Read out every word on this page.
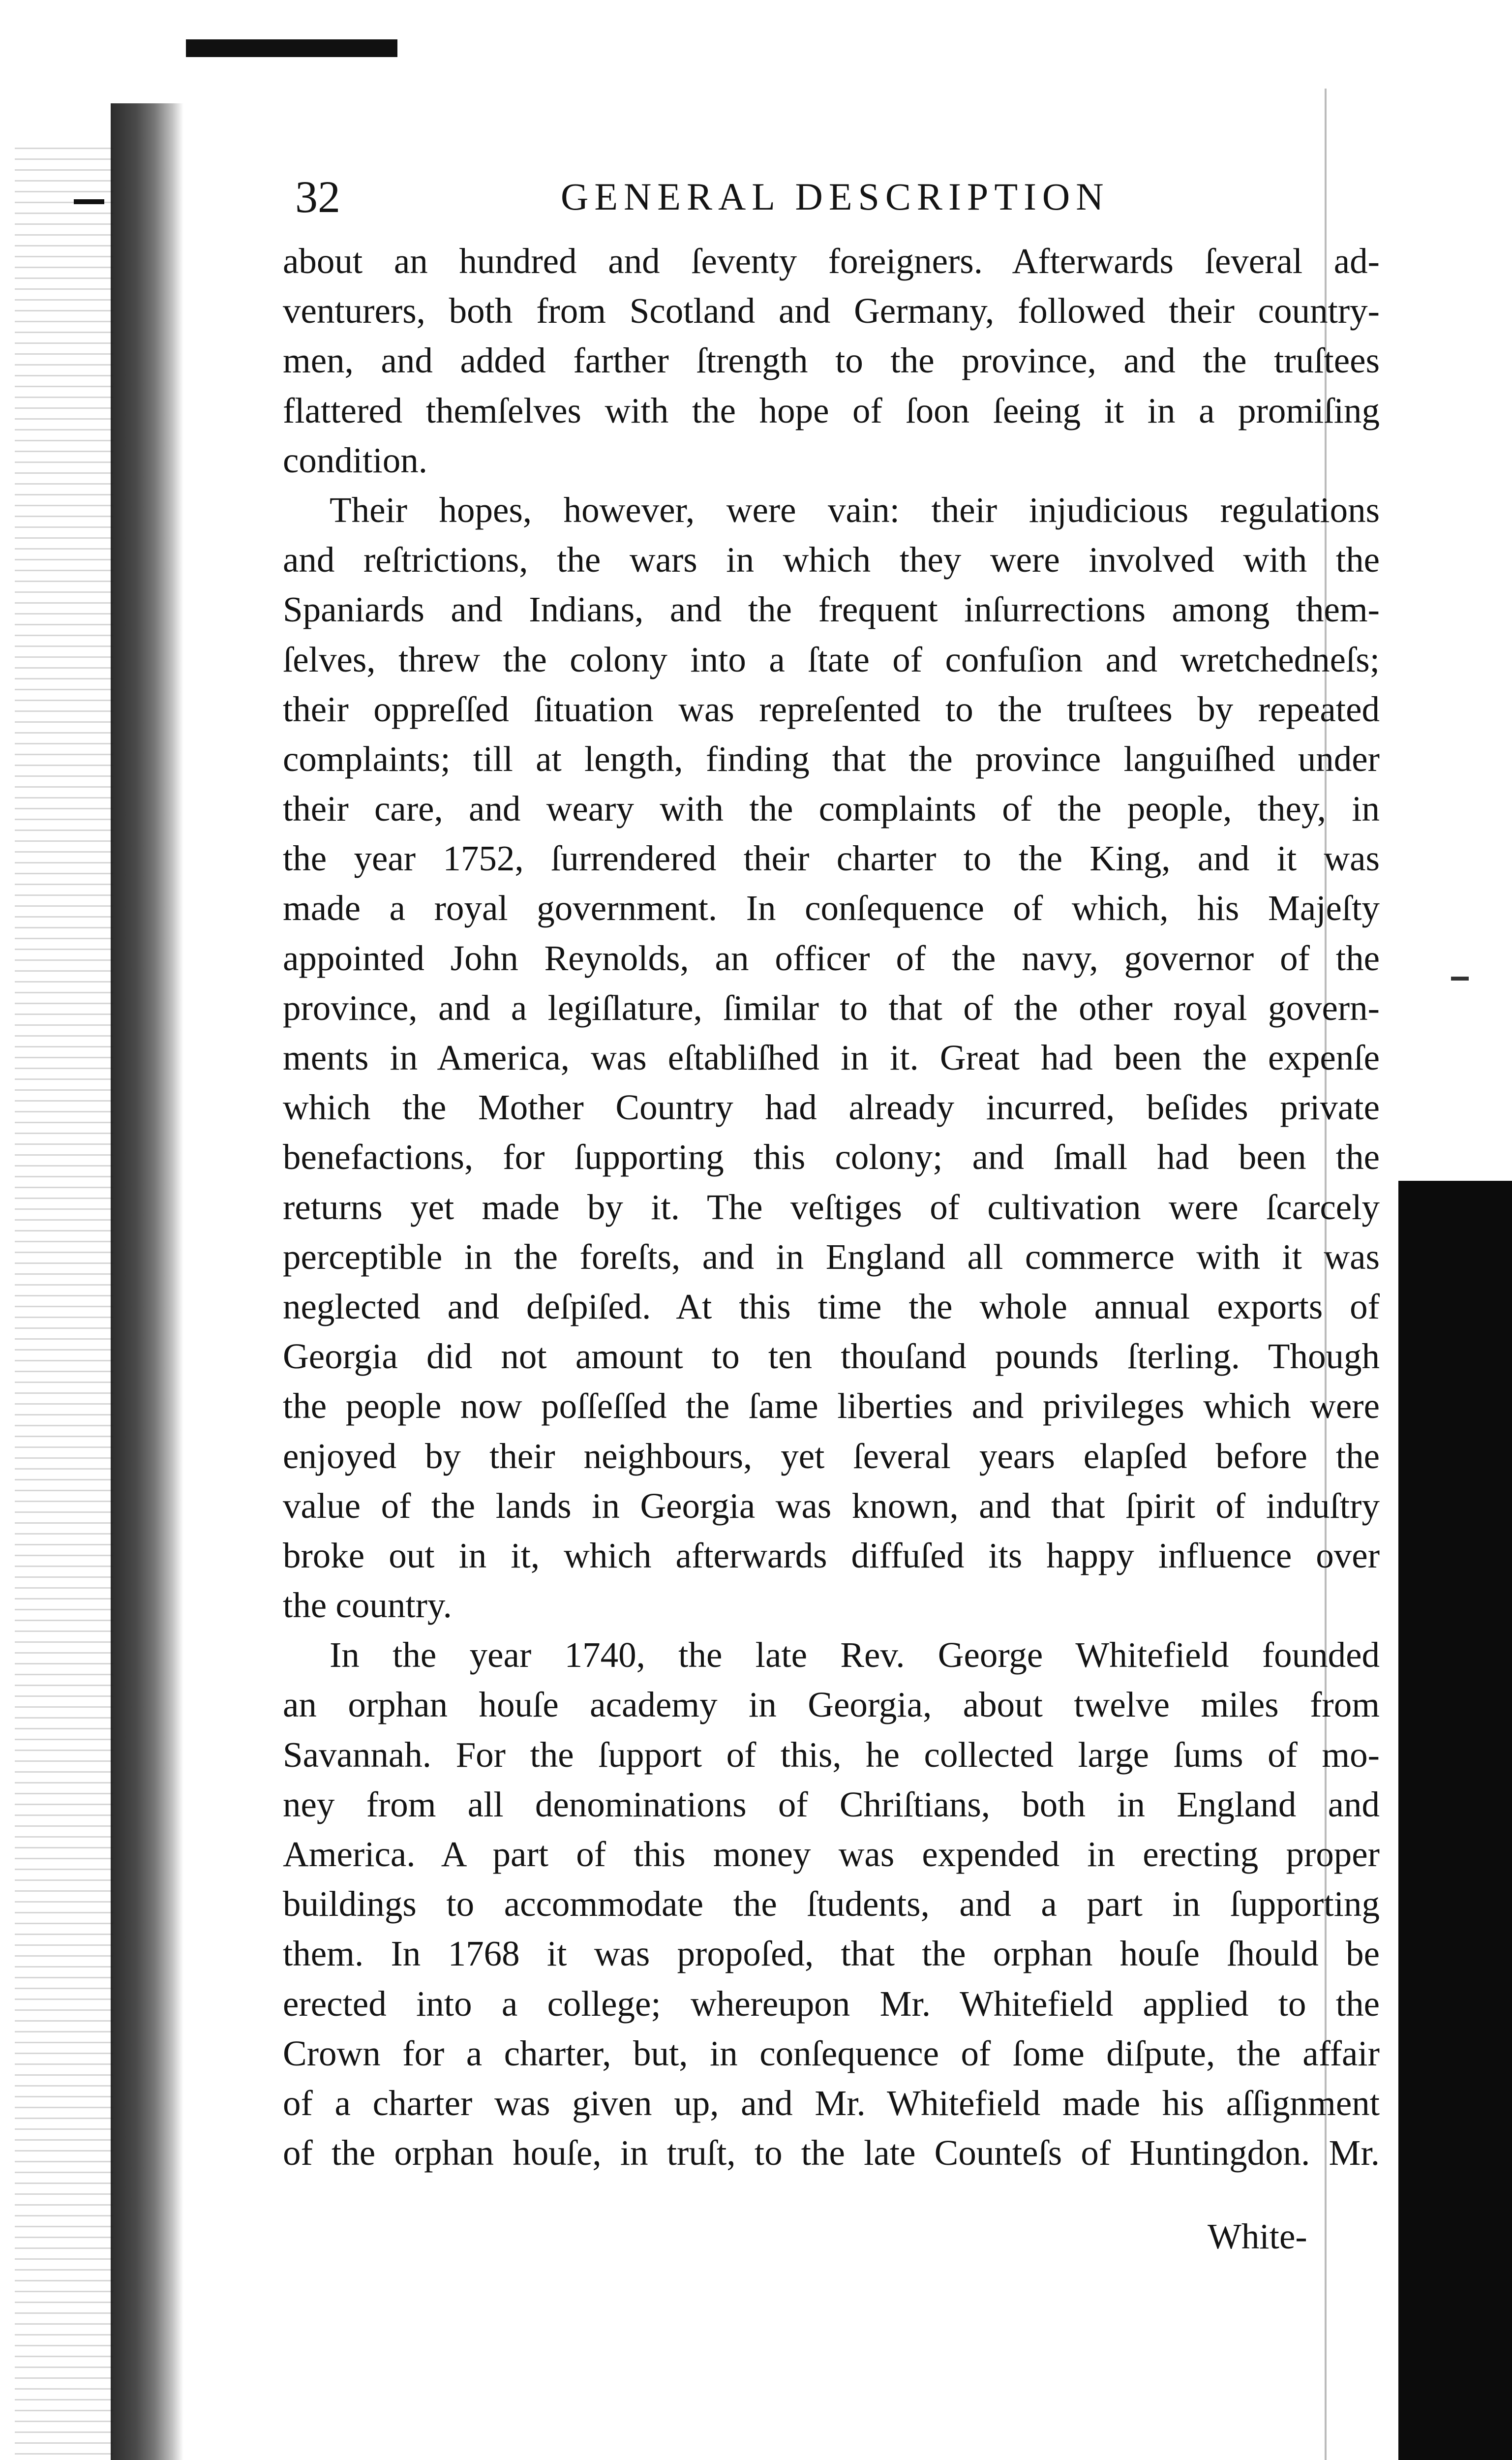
32	GENERAL DESCRIPTION
about an hundred and ſeventy foreigners. Afterwards ſeveral ad-
venturers, both from Scotland and Germany, followed their country-
men, and added farther ſtrength to the province, and the truſtees
flattered themſelves with the hope of ſoon ſeeing it in a promiſing
condition.
Their hopes, however, were vain: their injudicious regulations
and reſtrictions, the wars in which they were involved with the
Spaniards and Indians, and the frequent inſurrections among them-
ſelves, threw the colony into a ſtate of confuſion and wretchedneſs;
their oppreſſed ſituation was repreſented to the truſtees by repeated
complaints; till at length, finding that the province languiſhed under
their care, and weary with the complaints of the people, they, in
the year 1752, ſurrendered their charter to the King, and it was
made a royal government. In conſequence of which, his Majeſty
appointed John Reynolds, an officer of the navy, governor of the
province, and a legiſlature, ſimilar to that of the other royal govern-
ments in America, was eſtabliſhed in it. Great had been the expenſe
which the Mother Country had already incurred, beſides private
benefactions, for ſupporting this colony; and ſmall had been the
returns yet made by it. The veſtiges of cultivation were ſcarcely
perceptible in the foreſts, and in England all commerce with it was
neglected and deſpiſed. At this time the whole annual exports of
Georgia did not amount to ten thouſand pounds ſterling. Though
the people now poſſeſſed the ſame liberties and privileges which were
enjoyed by their neighbours, yet ſeveral years elapſed before the
value of the lands in Georgia was known, and that ſpirit of induſtry
broke out in it, which afterwards diffuſed its happy influence over
the country.
In the year 1740, the late Rev. George Whitefield founded
an orphan houſe academy in Georgia, about twelve miles from
Savannah. For the ſupport of this, he collected large ſums of mo-
ney from all denominations of Chriſtians, both in England and
America. A part of this money was expended in erecting proper
buildings to accommodate the ſtudents, and a part in ſupporting
them. In 1768 it was propoſed, that the orphan houſe ſhould be
erected into a college; whereupon Mr. Whitefield applied to the
Crown for a charter, but, in conſequence of ſome diſpute, the affair
of a charter was given up, and Mr. Whitefield made his aſſignment
of the orphan houſe, in truſt, to the late Counteſs of Huntingdon. Mr.
White-
